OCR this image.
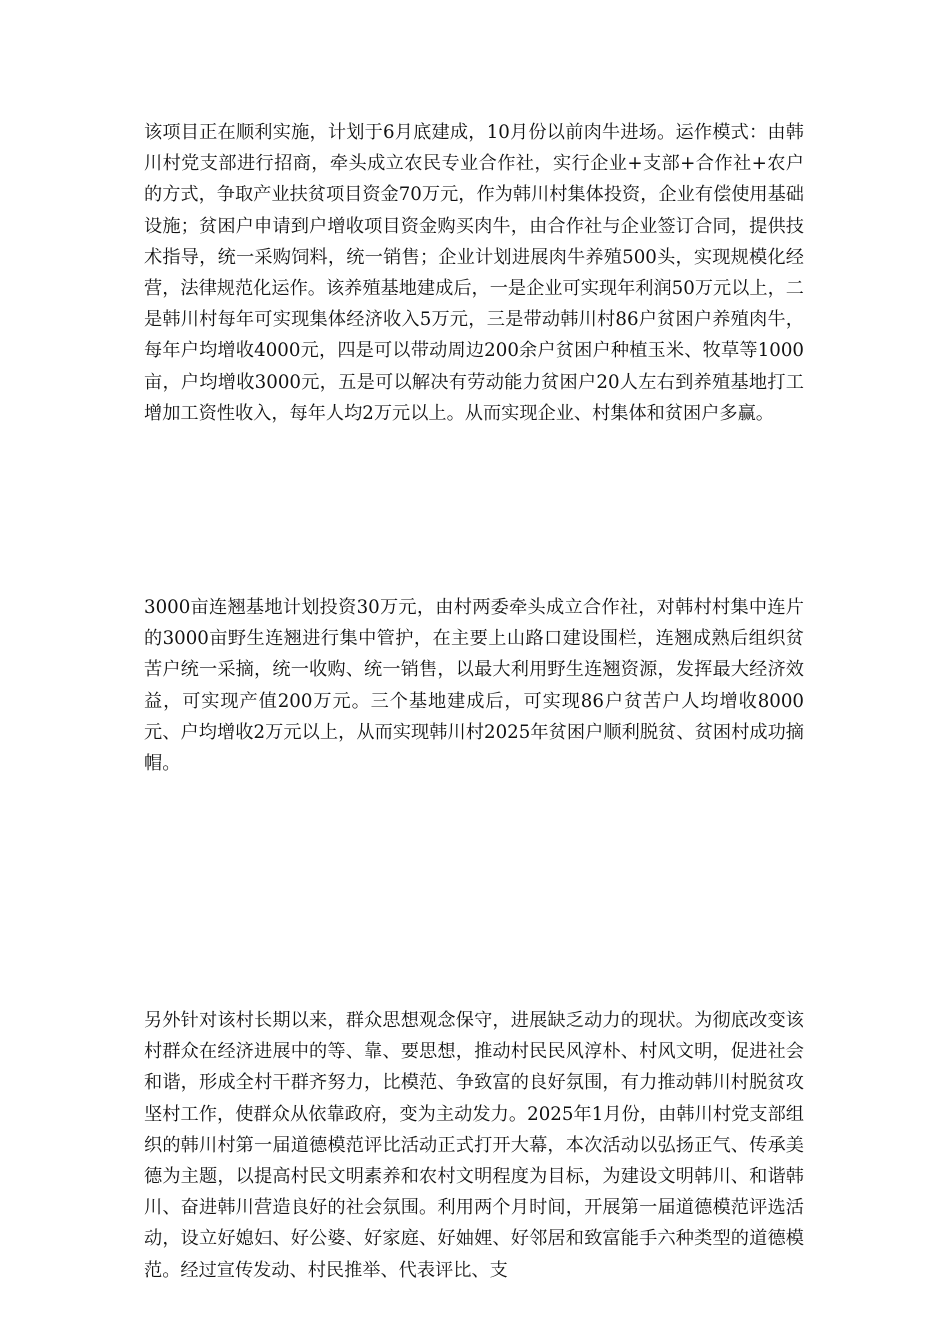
该项目正在顺利实施，计划于6月底建成，10月份以前肉牛进场。运作模式：由韩川村党支部进行招商，牵头成立农民专业合作社，实行企业+支部+合作社+农户的方式，争取产业扶贫项目资金70万元，作为韩川村集体投资，企业有偿使用基础设施；贫困户申请到户增收项目资金购买肉牛，由合作社与企业签订合同，提供技术指导，统一采购饲料，统一销售；企业计划进展肉牛养殖500头，实现规模化经营，法律规范化运作。该养殖基地建成后，一是企业可实现年利润50万元以上，二是韩川村每年可实现集体经济收入5万元，三是带动韩川村86户贫困户养殖肉牛，每年户均增收4000元，四是可以带动周边200余户贫困户种植玉米、牧草等1000亩，户均增收3000元，五是可以解决有劳动能力贫困户20人左右到养殖基地打工增加工资性收入，每年人均2万元以上。从而实现企业、村集体和贫困户多赢。

3000亩连翘基地计划投资30万元，由村两委牵头成立合作社，对韩村村集中连片的3000亩野生连翘进行集中管护，在主要上山路口建设围栏，连翘成熟后组织贫苦户统一采摘，统一收购、统一销售，以最大利用野生连翘资源，发挥最大经济效益，可实现产值200万元。三个基地建成后，可实现86户贫苦户人均增收8000元、户均增收2万元以上，从而实现韩川村2025年贫困户顺利脱贫、贫困村成功摘帽。

另外针对该村长期以来，群众思想观念保守，进展缺乏动力的现状。为彻底改变该村群众在经济进展中的等、靠、要思想，推动村民民风淳朴、村风文明，促进社会和谐，形成全村干群齐努力，比模范、争致富的良好氛围，有力推动韩川村脱贫攻坚村工作，使群众从依靠政府，变为主动发力。2025年1月份，由韩川村党支部组织的韩川村第一届道德模范评比活动正式打开大幕，本次活动以弘扬正气、传承美德为主题，以提高村民文明素养和农村文明程度为目标，为建设文明韩川、和谐韩川、奋进韩川营造良好的社会氛围。利用两个月时间，开展第一届道德模范评选活动，设立好媳妇、好公婆、好家庭、好妯娌、好邻居和致富能手六种类型的道德模范。经过宣传发动、村民推举、代表评比、支
